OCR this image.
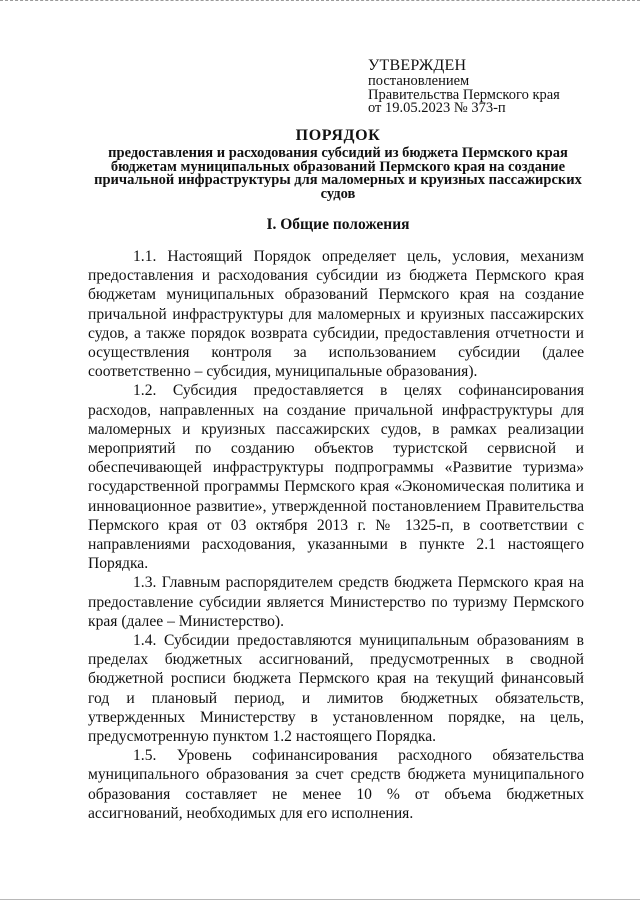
УТВЕРЖДЕН
постановлением
Правительства Пермского края
от 19.05.2023 № 373-п
ПОРЯДОК
предоставления и расходования субсидий из бюджета Пермского края бюджетам муниципальных образований Пермского края на создание причальной инфраструктуры для маломерных и круизных пассажирских судов
I. Общие положения

1.1. Настоящий Порядок определяет цель, условия, механизм предоставления и расходования субсидии из бюджета Пермского края бюджетам муниципальных образований Пермского края на создание причальной инфраструктуры для маломерных и круизных пассажирских судов, а также порядок возврата субсидии, предоставления отчетности и осуществления контроля за использованием субсидии (далее соответственно – субсидия, муниципальные образования).

1.2. Субсидия предоставляется в целях софинансирования расходов, направленных на создание причальной инфраструктуры для маломерных и круизных пассажирских судов, в рамках реализации мероприятий по созданию объектов туристской сервисной и обеспечивающей инфраструктуры подпрограммы «Развитие туризма» государственной программы Пермского края «Экономическая политика и инновационное развитие», утвержденной постановлением Правительства Пермского края от 03 октября 2013 г. № 1325-п, в соответствии с направлениями расходования, указанными в пункте 2.1 настоящего Порядка.

1.3. Главным распорядителем средств бюджета Пермского края на предоставление субсидии является Министерство по туризму Пермского края (далее – Министерство).

1.4. Субсидии предоставляются муниципальным образованиям в пределах бюджетных ассигнований, предусмотренных в сводной бюджетной росписи бюджета Пермского края на текущий финансовый год и плановый период, и лимитов бюджетных обязательств, утвержденных Министерству в установленном порядке, на цель, предусмотренную пунктом 1.2 настоящего Порядка.

1.5. Уровень софинансирования расходного обязательства муниципального образования за счет средств бюджета муниципального образования составляет не менее 10 % от объема бюджетных ассигнований, необходимых для его исполнения.
